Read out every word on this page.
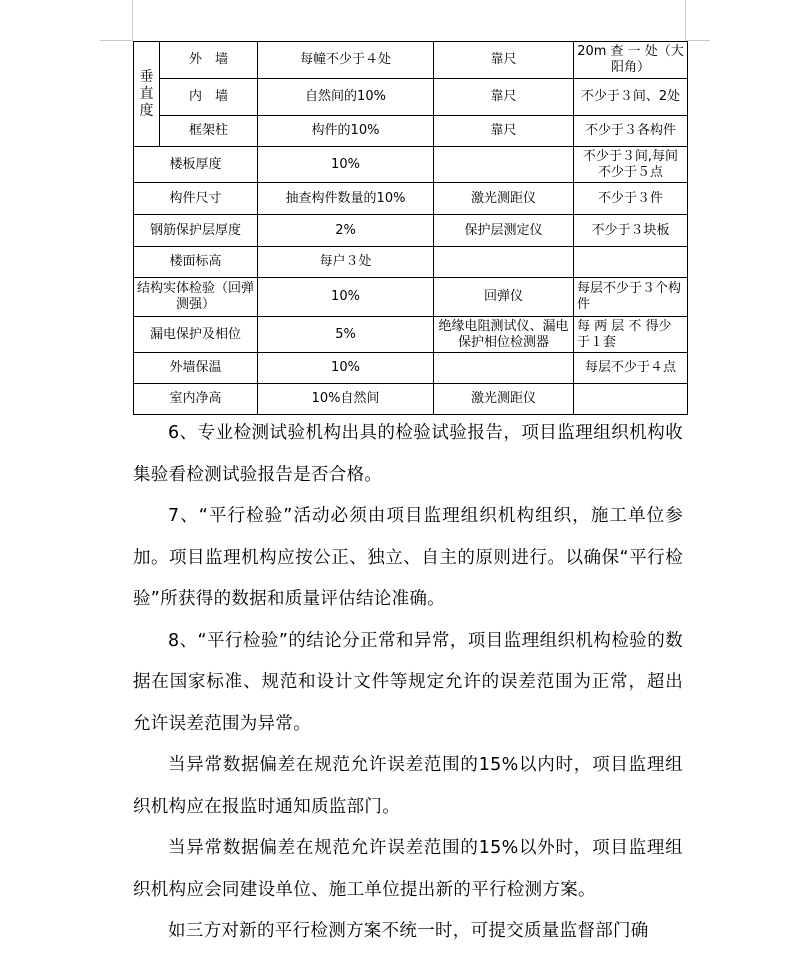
垂直度	外　墙	每幢不少于４处	靠尺	20m 查 一 处（大阳角）
	内　墙	自然间的10%	靠尺	不少于３间、2处
	框架柱	构件的10%	靠尺	不少于３各构件
楼板厚度		10%		不少于３间,每间不少于５点
构件尺寸		抽查构件数量的10%	激光测距仪	不少于３件
钢筋保护层厚度		2%	保护层测定仪	不少于３块板
楼面标高		每户３处		
结构实体检验（回弹测强）		10%	回弹仪	每层不少于３个构件
漏电保护及相位		5%	绝缘电阻测试仪、漏电保护相位检测器	每 两 层 不 得少于１套
外墙保温		10%		每层不少于４点
室内净高		10%自然间	激光测距仪	

6、专业检测试验机构出具的检验试验报告，项目监理组织机构收集验看检测试验报告是否合格。

7、“平行检验”活动必须由项目监理组织机构组织，施工单位参加。项目监理机构应按公正、独立、自主的原则进行。以确保“平行检验”所获得的数据和质量评估结论准确。

8、“平行检验”的结论分正常和异常，项目监理组织机构检验的数据在国家标准、规范和设计文件等规定允许的误差范围为正常，超出允许误差范围为异常。

当异常数据偏差在规范允许误差范围的15%以内时，项目监理组织机构应在报监时通知质监部门。

当异常数据偏差在规范允许误差范围的15%以外时，项目监理组织机构应会同建设单位、施工单位提出新的平行检测方案。

如三方对新的平行检测方案不统一时，可提交质量监督部门确
